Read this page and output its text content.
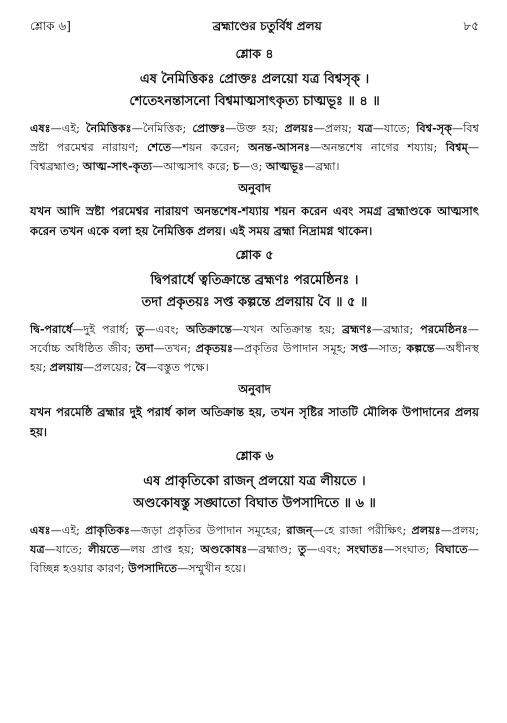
শ্লোক ৬]	ব্রহ্মাণ্ডের চতুর্বিধ প্রলয়	৮৫
শ্লোক ৪
এষ নৈমিত্তিকঃ প্রোক্তঃ প্রলয়ো যত্র বিশ্বসৃক্ ।
শেতেঽনন্তাসনো বিশ্বমাত্মসাৎকৃত্য চাত্মভূঃ ॥ ৪ ॥
এষঃ—এই; নৈমিত্তিকঃ—নৈমিত্তিক; প্রোক্তঃ—উক্ত হয়; প্রলয়ঃ—প্রলয়; যত্র—যাতে; বিশ্ব-সৃক্—বিশ্ব স্রষ্টা পরমেশ্বর নারায়ণ; শেতে—শয়ন করেন; অনন্ত-আসনঃ—অনন্তশেষ নাগের শয্যায়; বিশ্বম্—বিশ্বব্রহ্মাণ্ড; আত্ম-সাৎ-কৃত্য—আত্মসাৎ করে; চ—ও; আত্মভূঃ—ব্রহ্মা।
অনুবাদ
যখন আদি স্রষ্টা পরমেশ্বর নারায়ণ অনন্তশেষ-শয্যায় শয়ন করেন এবং সমগ্র ব্রহ্মাণ্ডকে আত্মসাৎ করেন তখন একে বলা হয় নৈমিত্তিক প্রলয়। এই সময় ব্রহ্মা নিদ্রামগ্ন থাকেন।
শ্লোক ৫
দ্বিপরার্ধে ত্বতিক্রান্তে ব্রহ্মণঃ পরমেষ্ঠিনঃ ।
তদা প্রকৃতয়ঃ সপ্ত কল্পন্তে প্রলয়ায় বৈ ॥ ৫ ॥
দ্বি-পরার্ধে—দুই পরার্ধ; তু—এবং; অতিক্রান্তে—যখন অতিক্রান্ত হয়; ব্রহ্মণঃ—ব্রহ্মার; পরমেষ্ঠিনঃ—সর্বোচ্চ অধিষ্ঠিত জীব; তদা—তখন; প্রকৃতয়ঃ—প্রকৃতির উপাদান সমূহ; সপ্ত—সাত; কল্পন্তে—অধীনস্থ হয়; প্রলয়ায়—প্রলয়ের; বৈ—বস্তুত পক্ষে।
অনুবাদ
যখন পরমেষ্ঠি ব্রহ্মার দুই পরার্ধ কাল অতিক্রান্ত হয়, তখন সৃষ্টির সাতটি মৌলিক উপাদানের প্রলয় হয়।
শ্লোক ৬
এষ প্রাকৃতিকো রাজন্ প্রলয়ো যত্র লীয়তে ।
অণ্ডকোষস্তু সঙ্ঘাতো বিঘাত উপসাদিতে ॥ ৬ ॥
এষঃ—এই; প্রাকৃতিকঃ—জড়া প্রকৃতির উপাদান সমূহের; রাজন্—হে রাজা পরীক্ষিৎ; প্রলয়ঃ—প্রলয়; যত্র—যাতে; লীয়তে—লয় প্রাপ্ত হয়; অণ্ডকোষঃ—ব্রহ্মাণ্ড; তু—এবং; সংঘাতঃ—সংঘাত; বিঘাতে—বিচ্ছিন্ন হওয়ার কারণ; উপসাদিতে—সম্মুখীন হয়ে।
